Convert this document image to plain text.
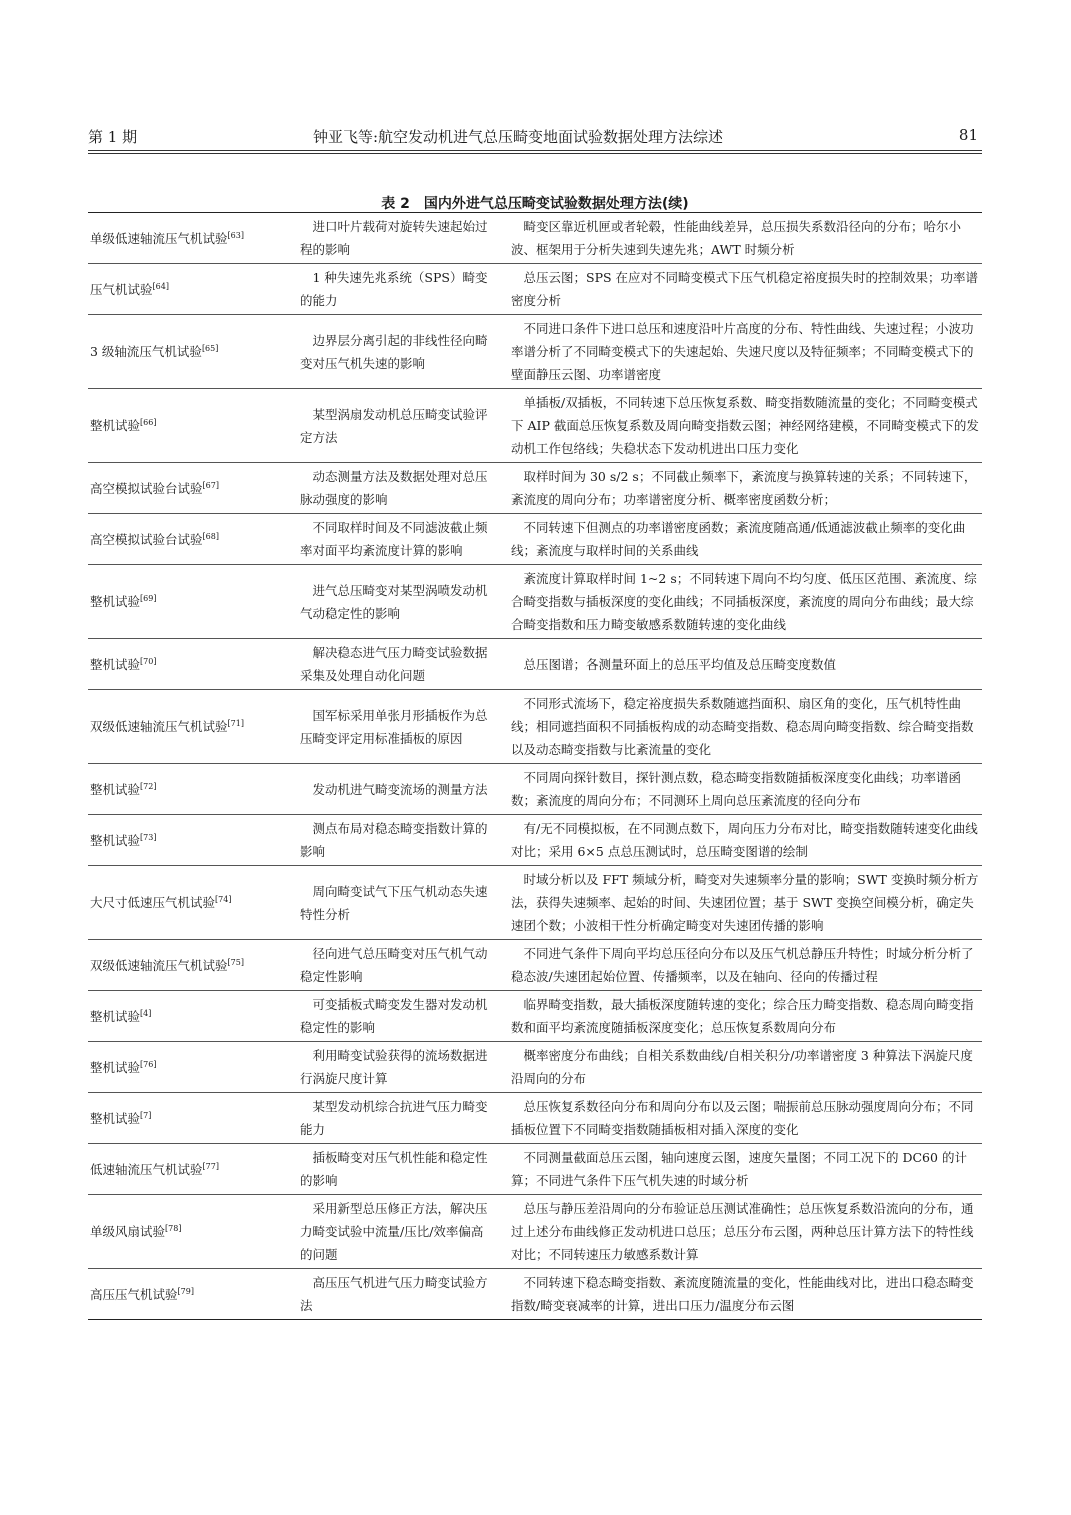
第 1 期	钟亚飞等:航空发动机进气总压畸变地面试验数据处理方法综述	81
表 2　国内外进气总压畸变试验数据处理方法(续)
单级低速轴流压气机试验[63]	　进口叶片载荷对旋转失速起始过程的影响	　畸变区靠近机匣或者轮毂，性能曲线差异，总压损失系数沿径向的分布；哈尔小波、框架用于分析失速到失速先兆；AWT 时频分析
压气机试验[64]	　1 种失速先兆系统（SPS）畸变的能力	　总压云图；SPS 在应对不同畸变模式下压气机稳定裕度损失时的控制效果；功率谱密度分析
3 级轴流压气机试验[65]	　边界层分离引起的非线性径向畸变对压气机失速的影响	　不同进口条件下进口总压和速度沿叶片高度的分布、特性曲线、失速过程；小波功率谱分析了不同畸变模式下的失速起始、失速尺度以及特征频率；不同畸变模式下的壁面静压云图、功率谱密度
整机试验[66]	　某型涡扇发动机总压畸变试验评定方法	　单插板/双插板，不同转速下总压恢复系数、畸变指数随流量的变化；不同畸变模式下 AIP 截面总压恢复系数及周向畸变指数云图；神经网络建模，不同畸变模式下的发动机工作包络线；失稳状态下发动机进出口压力变化
高空模拟试验台试验[67]	　动态测量方法及数据处理对总压脉动强度的影响	　取样时间为 30 s/2 s；不同截止频率下，紊流度与换算转速的关系；不同转速下，紊流度的周向分布；功率谱密度分析、概率密度函数分析；
高空模拟试验台试验[68]	　不同取样时间及不同滤波截止频率对面平均紊流度计算的影响	　不同转速下但测点的功率谱密度函数；紊流度随高通/低通滤波截止频率的变化曲线；紊流度与取样时间的关系曲线
整机试验[69]	　进气总压畸变对某型涡喷发动机气动稳定性的影响	　紊流度计算取样时间 1~2 s；不同转速下周向不均匀度、低压区范围、紊流度、综合畸变指数与插板深度的变化曲线；不同插板深度，紊流度的周向分布曲线；最大综合畸变指数和压力畸变敏感系数随转速的变化曲线
整机试验[70]	　解决稳态进气压力畸变试验数据采集及处理自动化问题	　总压图谱；各测量环面上的总压平均值及总压畸变度数值
双级低速轴流压气机试验[71]	　国军标采用单张月形插板作为总压畸变评定用标准插板的原因	　不同形式流场下，稳定裕度损失系数随遮挡面积、扇区角的变化，压气机特性曲线；相同遮挡面积不同插板构成的动态畸变指数、稳态周向畸变指数、综合畸变指数以及动态畸变指数与比紊流量的变化
整机试验[72]	　发动机进气畸变流场的测量方法	　不同周向探针数目，探针测点数，稳态畸变指数随插板深度变化曲线；功率谱函数；紊流度的周向分布；不同测环上周向总压紊流度的径向分布
整机试验[73]	　测点布局对稳态畸变指数计算的影响	　有/无不同模拟板，在不同测点数下，周向压力分布对比，畸变指数随转速变化曲线对比；采用 6×5 点总压测试时，总压畸变图谱的绘制
大尺寸低速压气机试验[74]	　周向畸变试气下压气机动态失速特性分析	　时域分析以及 FFT 频域分析，畸变对失速频率分量的影响；SWT 变换时频分析方法，获得失速频率、起始的时间、失速团位置；基于 SWT 变换空间模分析，确定失速团个数；小波相干性分析确定畸变对失速团传播的影响
双级低速轴流压气机试验[75]	　径向进气总压畸变对压气机气动稳定性影响	　不同进气条件下周向平均总压径向分布以及压气机总静压升特性；时域分析分析了稳态波/失速团起始位置、传播频率，以及在轴向、径向的传播过程
整机试验[4]	　可变插板式畸变发生器对发动机稳定性的影响	　临界畸变指数，最大插板深度随转速的变化；综合压力畸变指数、稳态周向畸变指数和面平均紊流度随插板深度变化；总压恢复系数周向分布
整机试验[76]	　利用畸变试验获得的流场数据进行涡旋尺度计算	　概率密度分布曲线；自相关系数曲线/自相关积分/功率谱密度 3 种算法下涡旋尺度沿周向的分布
整机试验[7]	　某型发动机综合抗进气压力畸变能力	　总压恢复系数径向分布和周向分布以及云图；喘振前总压脉动强度周向分布；不同插板位置下不同畸变指数随插板相对插入深度的变化
低速轴流压气机试验[77]	　插板畸变对压气机性能和稳定性的影响	　不同测量截面总压云图，轴向速度云图，速度矢量图；不同工况下的 DC60 的计算；不同进气条件下压气机失速的时域分析
单级风扇试验[78]	　采用新型总压修正方法，解决压力畸变试验中流量/压比/效率偏高的问题	　总压与静压差沿周向的分布验证总压测试准确性；总压恢复系数沿流向的分布，通过上述分布曲线修正发动机进口总压；总压分布云图，两种总压计算方法下的特性线对比；不同转速压力敏感系数计算
高压压气机试验[79]	　高压压气机进气压力畸变试验方法	　不同转速下稳态畸变指数、紊流度随流量的变化，性能曲线对比，进出口稳态畸变指数/畸变衰减率的计算，进出口压力/温度分布云图
